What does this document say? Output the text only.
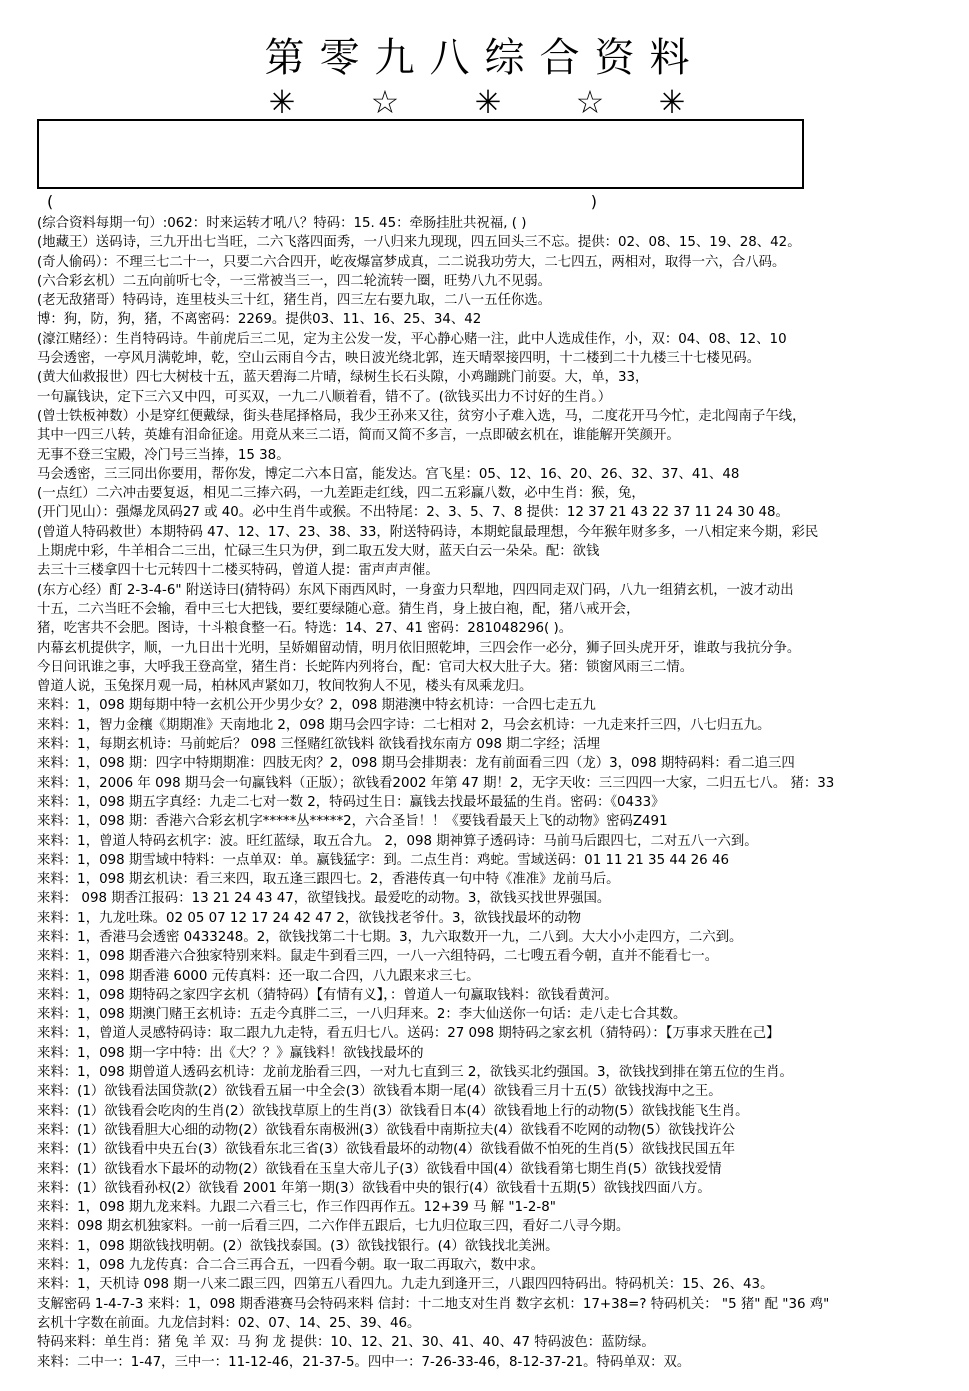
第零九八综合资料
✳ ☆ ✳ ☆ ✳
(	)
(综合资料每期一句）:062：时来运转才吼八？特码：15. 45：牵肠挂肚共祝福, ( )
(地藏王）送码诗，三九开出七当旺，二六飞落四面秀，一八归来九现现，四五回头三不忘。提供：02、08、15、19、28、42。
(奇人偷码）：不理三七二十一，只要二六合四开，屹夜爆富梦成真，二二说我功劳大，二七四五，两相对，取得一六，合八码。
(六合彩玄机）二五向前听七令，一三常被当三一，四二轮流转一圈，旺势八九不见弱。
(老无敌猪哥）特码诗，连里枝头三十红，猪生肖，四三左右要九取，二八一五任你选。
博：狗，防，狗，猪，不离密码：2269。提供03、11、16、25、34、42
(濠江赌经）：生肖特码诗。牛前虎后三二见，定为主公发一发，平心静心赌一注，此中人选成佳作，小，双：04、08、12、10
马会透密，一亭风月满乾坤，乾，空山云雨自今古，映日波光绕北郭，连天晴翠接四明，十二楼到二十九楼三十七楼见码。
(黄大仙救报世）四七大树枝十五，蓝天碧海二片晴，绿树生长石头隙，小鸡蹦跳门前耍。大，单，33，
一句赢钱诀，定下三六又中四，可买双，一九二八顺着看，错不了。(欲钱买出力不讨好的生肖。）
(曾士铁板神数）小是穿红便戴绿，街头巷尾择格局，我少王孙来又往，贫穷小子难入选，马，二度花开马今忙，走北闯南子午线，
其中一四三八转，英雄有泪命征途。用竟从来三二语，简而又简不多言，一点即破玄机在，谁能解开笑颜开。
无事不登三宝殿，冷门号三当捧，15 38。
马会透密，三三同出你要用，帮你发，博定二六本日富，能发达。宫飞星：05、12、16、20、26、32、37、41、48
(一点红）二六冲击要复返，相见二三捧六码，一九差距走红线，四二五彩赢八数，必中生肖：猴，兔，
(开门见山）：强爆龙凤码27 或 40。必中生肖牛或猴。不出特尾：2、3、5、7、8 提供：12 37 21 43 22 37 11 24 30 48。
(曾道人特码救世）本期特码 47、12、17、23、38、33，附送特码诗，本期蛇鼠最理想，今年猴年财多多，一八相定来今期，彩民
上期虎中彩，牛羊相合二三出，忙碌三生只为伊，到二取五发大财，蓝天白云一朵朵。配：欲钱
去三十三楼拿四十七元转四十二楼买特码，曾道人提：雷声声声催。
(东方心经）酊 2-3-4-6" 附送诗曰(猜特码）东风下雨西风时，一身蛮力只犁地，四四同走双门码，八九一组猜玄机，一波才动出
十五，二六当旺不会输，看中三七大把钱，要红要绿随心意。猜生肖，身上披白袍，配，猪八戒开会，
猪，吃害共不会肥。图诗，十斗粮食整一石。特选：14、27、41 密码：281048296( )。
内幕玄机提供字，顺，一九日出十光明，呈娇媚留动情，明月依旧照乾坤，三四会作一必分，狮子回头虎开牙，谁敢与我抗分争。
今日问讯谁之事，大呼我王登高堂，猪生肖：长蛇阵内列将台，配：官司大权大肚子大。猪：锁窗风雨三二情。
曾道人说，玉兔探月观一局，柏林风声紧如刀，牧间牧狗人不见，楼头有凤乘龙归。
来料：1，098 期每期中特一玄机公开少男少女？2，098 期港澳中特玄机诗：一合四七走五九
来料：1，智力金穰《期期准》天南地北 2，098 期马会四字诗：二七相对 2，马会玄机诗：一九走来扦三四，八七归五九。
来料：1，每期玄机诗：马前蛇后？ 098 三怪赌红欲钱料 欲钱看找东南方 098 期二字经；活埋
来料：1，098 期：四字中特期期准：四肢无肉？2，098 期马会排期表：龙有前面看三四（龙）3，098 期特码料：看二追三四
来料：1，2006 年 098 期马会一句赢钱料（正版）；欲钱看2002 年第 47 期！2，无字天收：三三四四一大家，二归五七八。 猪：33
来料：1，098 期五字真经：九走二七对一数 2，特码过生日：赢钱去找最坏最猛的生肖。密码：《0433》
来料：1，098 期：香港六合彩玄机字*****丛*****2，六合圣旨！！《要钱看最天上飞的动物》密码Z491
来料：1，曾道人特码玄机字：波。旺红蓝绿，取五合九。 2，098 期神算子透码诗：马前马后跟四七，二对五八一六到。
来料：1，098 期雪域中特料：一点单双：单。赢钱猛字：到。二点生肖：鸡蛇。雪域送码：01 11 21 35 44 26 46
来料：1，098 期玄机诀：看三来四，取五逢三跟四七。2，香港传真一句中特《准准》龙前马后。
来料： 098 期香江报码：13 21 24 43 47，欲望钱找。最爱吃的动物。3，欲钱买找世界强国。
来料：1，九龙吐珠。02 05 07 12 17 24 42 47 2，欲钱找老爷什。3，欲钱找最坏的动物
来料：1，香港马会透密 0433248。2，欲钱找第二十七期。3，九六取数开一九，二八到。大大小小走四方，二六到。
来料：1，098 期香港六合独家特别来料。鼠走牛到看三四，一八一六组特码，二七嗖五看今朝，直并不能看七一。
来料：1，098 期香港 6000 元传真料：还一取二合四，八九跟来求三七。
来料：1，098 期特码之家四字玄机（猜特码）【有情有义】，：曾道人一句赢取钱料：欲钱看黄河。
来料：1，098 期澳门赌王玄机诗：五走今真胖二三，一八归拜来。2：李大仙送你一句话：走八走七合其数。
来料：1，曾道人灵感特码诗：取二跟九九走特，看五归七八。送码：27 098 期特码之家玄机（猜特码）：【万事求天胜在己】
来料：1，098 期一字中特：出《大？？》赢钱料！欲钱找最坏的
来料：1，098 期曾道人透码玄机诗：龙前龙胎看三四，一对九七直到三 2，欲钱买北约强国。3，欲钱找到排在第五位的生肖。
来料：(1）欲钱看法国贷款(2）欲钱看五届一中全会(3）欲钱看本期一尾(4）欲钱看三月十五(5）欲钱找海中之王。
来料：(1）欲钱看会吃肉的生肖(2）欲钱找草原上的生肖(3）欲钱看日本(4）欲钱看地上行的动物(5）欲钱找能飞生肖。
来料：(1）欲钱看胆大心细的动物(2）欲钱看东南极洲(3）欲钱看中南斯拉夫(4）欲钱看不吃网的动物(5）欲钱找许公
来料：(1）欲钱看中央五台(3）欲钱看东北三省(3）欲钱看最坏的动物(4）欲钱看做不怕死的生肖(5）欲钱找民国五年
来料：(1）欲钱看水下最坏的动物(2）欲钱看在玉皇大帝儿子(3）欲钱看中国(4）欲钱看第七期生肖(5）欲钱找爱情
来料：(1）欲钱看孙权(2）欲钱看 2001 年第一期(3）欲钱看中央的银行(4）欲钱看十五期(5）欲钱找四面八方。
来料：1，098 期九龙来料。九跟二六看三七，作三作四再作五。12+39 马 解 "1-2-8"
来料：098 期玄机独家料。一前一后看三四，二六作伴五跟后，七九归位取三四，看好二八寻今期。
来料：1，098 期欲钱找明朝。(2）欲钱找泰国。(3）欲钱找银行。(4）欲钱找北美洲。
来料：1，098 九龙传真：合二合三再合五，一四看今朝。取一取二再取六，数中求。
来料：1，天机诗 098 期一八来二跟三四，四第五八看四九。九走九到逢开三，八跟四四特码出。特码机关：15、26、43。
支解密码 1-4-7-3 来料：1，098 期香港赛马会特码来料 信封：十二地支对生肖 数字玄机：17+38=? 特码机关： "5 猪" 配 "36 鸡"
玄机十字数在前面。九龙信封料：02、07、14、25、39、46。
特码来料：单生肖：猪 兔 羊 双：马 狗 龙 提供：10、12、21、30、41、40、47 特码波色：蓝防绿。
来料：二中一：1-47，三中一：11-12-46，21-37-5。四中一：7-26-33-46，8-12-37-21。特码单双：双。
